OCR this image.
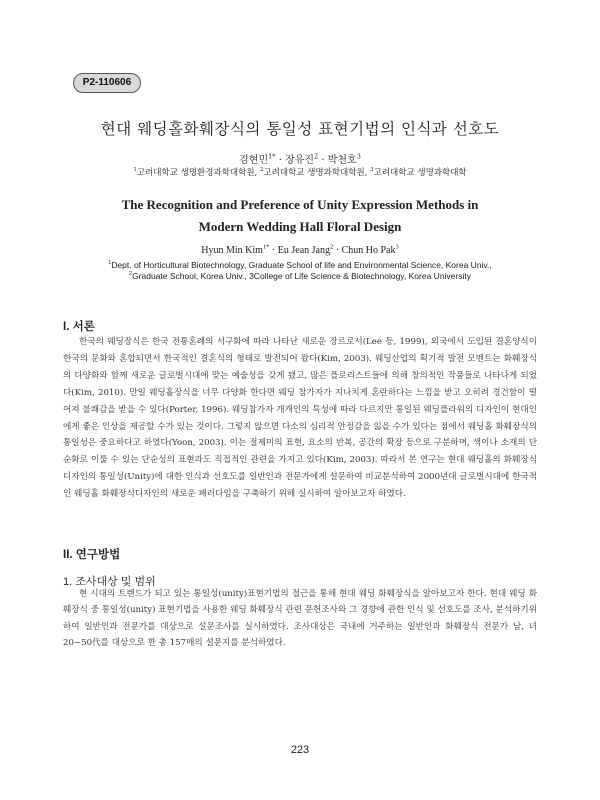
P2-110606
현대 웨딩홀화훼장식의 통일성 표현기법의 인식과 선호도
김현민$^{1*}$ · 장유진$^2$ · 박천호$^3$
$^1$고려대학교 생명환경과학대학원, $^2$고려대학교 생명과학대학원, $^3$고려대학교 생명과학대학
The Recognition and Preference of Unity Expression Methods in
Modern Wedding Hall Floral Design
Hyun Min Kim$^{1*}$ · Eu Jean Jang$^2$ · Chun Ho Pak$^3$
$^1$Dept. of Horticultural Biotechnology, Graduate School of life and Environmental Science, Korea Univ.,
$^2$Graduate School, Korea Univ., 3College of Life Science & Biotechnology, Korea University
I. 서론

한국의 웨딩장식은 한국 전통혼례의 서구화에 따라 나타난 새로운 장르로서(Lee 등, 1999), 외국에서 도입된 결혼양식이 한국의 문화와 혼합되면서 한국적인 결혼식의 형태로 발전되어 왔다(Kim, 2003). 웨딩산업의 획기적 발전 모멘트는 화훼장식의 다양화와 함께 새로운 글로벌시대에 맞는 예술성을 갖게 됐고, 많은 플로리스트들에 의해 창의적인 작품들로 나타나게 되었다(Kim, 2010). 만일 웨딩홀장식을 너무 다양화 한다면 웨딩 참가자가 지나치게 혼란하다는 느낌을 받고 오히려 경건함이 떨어져 불쾌감을 받을 수 있다(Porter, 1996). 웨딩참가자 개개인의 특성에 따라 다르지만 통일된 웨딩플라워의 디자인이 현대인에게 좋은 인상을 제공할 수가 있는 것이다. 그렇지 않으면 다소의 심리적 안정감을 잃을 수가 있다는 점에서 웨딩홀 화훼장식의 통일성은 중요하다고 하였다(Yoon, 2003). 이는 절제미의 표현, 요소의 반복, 공간의 확장 등으로 구분하며, 색이나 소재의 단순화로 이룰 수 있는 단순성의 표현과도 직접적인 관련을 가지고 있다(Kim, 2003). 따라서 본 연구는 현대 웨딩홀의 화훼장식디자인의 통일성(Unity)에 대한 인식과 선호도를 일반인과 전문가에게 설문하여 비교분석하여 2000년대 글로벌시대에 한국적인 웨딩홀 화훼장식디자인의 새로운 패러다임을 구축하기 위해 실시하여 알아보고자 하였다.

II. 연구방법
1. 조사대상 및 범위

현 시대의 트렌드가 되고 있는 통일성(unity)표현기법의 접근을 통해 현대 웨딩 화훼장식을 알아보고자 한다. 현대 웨딩 화훼장식 중 통일성(unity) 표현기법을 사용한 웨딩 화훼장식 관련 문헌조사와 그 경향에 관한 인식 및 선호도를 조사, 분석하기위하여 일반인과 전문가를 대상으로 설문조사를 실시하였다. 조사대상은 국내에 거주하는 일반인과 화훼장식 전문가 남, 녀 20~50代를 대상으로 한 총 157매의 설문지를 분석하였다.

223
